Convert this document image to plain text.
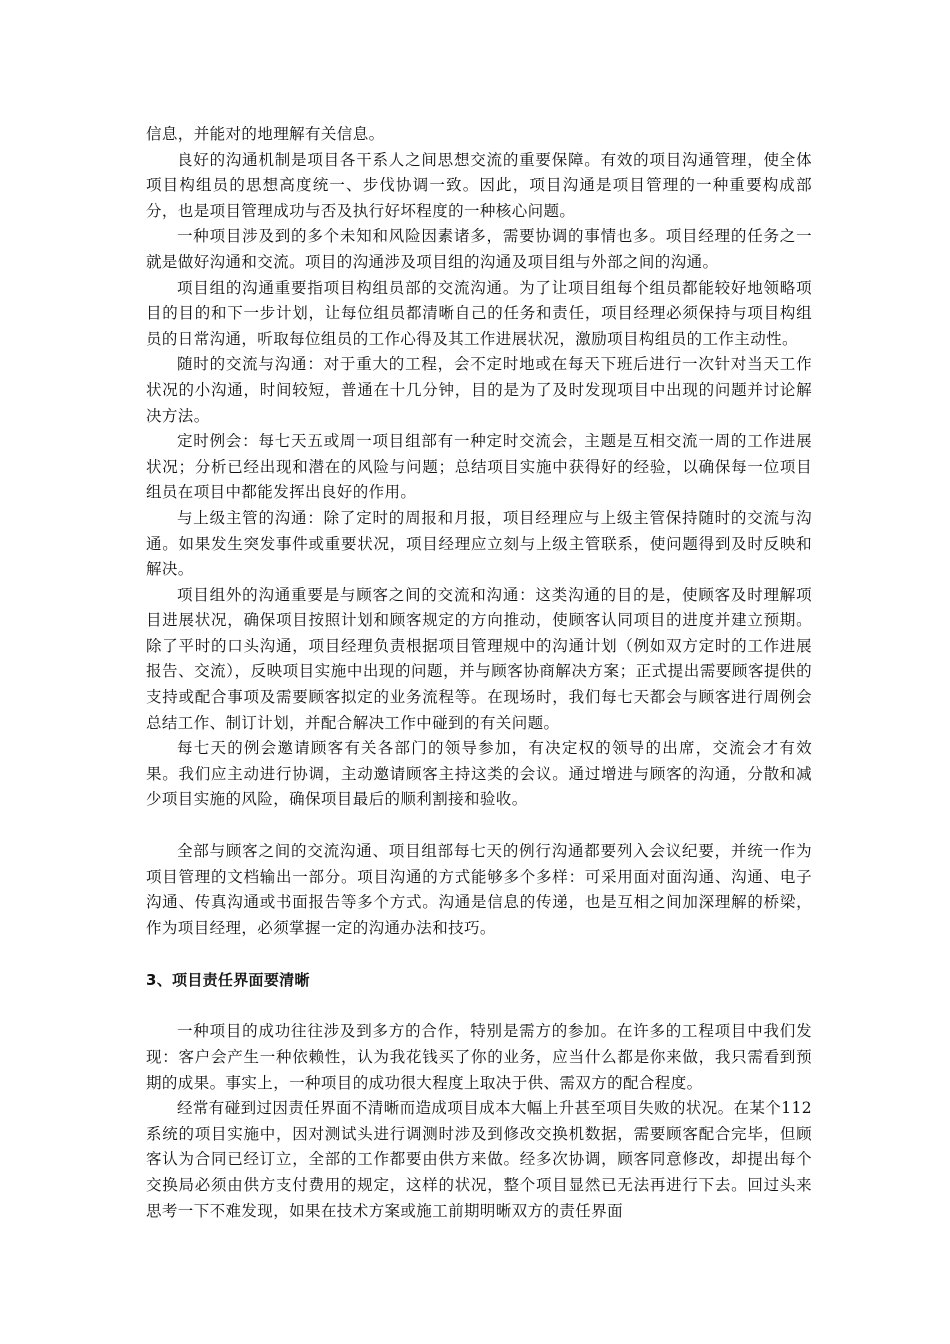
信息，并能对的地理解有关信息。

良好的沟通机制是项目各干系人之间思想交流的重要保障。有效的项目沟通管理，使全体项目构组员的思想高度统一、步伐协调一致。因此，项目沟通是项目管理的一种重要构成部分，也是项目管理成功与否及执行好坏程度的一种核心问题。

一种项目涉及到的多个未知和风险因素诸多，需要协调的事情也多。项目经理的任务之一就是做好沟通和交流。项目的沟通涉及项目组的沟通及项目组与外部之间的沟通。

项目组的沟通重要指项目构组员部的交流沟通。为了让项目组每个组员都能较好地领略项目的目的和下一步计划，让每位组员都清晰自己的任务和责任，项目经理必须保持与项目构组员的日常沟通，听取每位组员的工作心得及其工作进展状况，激励项目构组员的工作主动性。

随时的交流与沟通：对于重大的工程，会不定时地或在每天下班后进行一次针对当天工作状况的小沟通，时间较短，普通在十几分钟，目的是为了及时发现项目中出现的问题并讨论解决方法。

定时例会：每七天五或周一项目组部有一种定时交流会，主题是互相交流一周的工作进展状况；分析已经出现和潜在的风险与问题；总结项目实施中获得好的经验，以确保每一位项目组员在项目中都能发挥出良好的作用。

与上级主管的沟通：除了定时的周报和月报，项目经理应与上级主管保持随时的交流与沟通。如果发生突发事件或重要状况，项目经理应立刻与上级主管联系，使问题得到及时反映和解决。

项目组外的沟通重要是与顾客之间的交流和沟通：这类沟通的目的是，使顾客及时理解项目进展状况，确保项目按照计划和顾客规定的方向推动，使顾客认同项目的进度并建立预期。除了平时的口头沟通，项目经理负责根据项目管理规中的沟通计划（例如双方定时的工作进展报告、交流），反映项目实施中出现的问题，并与顾客协商解决方案；正式提出需要顾客提供的支持或配合事项及需要顾客拟定的业务流程等。在现场时，我们每七天都会与顾客进行周例会总结工作、制订计划，并配合解决工作中碰到的有关问题。

每七天的例会邀请顾客有关各部门的领导参加，有决定权的领导的出席，交流会才有效果。我们应主动进行协调，主动邀请顾客主持这类的会议。通过增进与顾客的沟通，分散和减少项目实施的风险，确保项目最后的顺利割接和验收。

全部与顾客之间的交流沟通、项目组部每七天的例行沟通都要列入会议纪要，并统一作为项目管理的文档输出一部分。项目沟通的方式能够多个多样：可采用面对面沟通、沟通、电子沟通、传真沟通或书面报告等多个方式。沟通是信息的传递，也是互相之间加深理解的桥梁，作为项目经理，必须掌握一定的沟通办法和技巧。

3、项目责任界面要清晰

一种项目的成功往往涉及到多方的合作，特别是需方的参加。在许多的工程项目中我们发现：客户会产生一种依赖性，认为我花钱买了你的业务，应当什么都是你来做，我只需看到预期的成果。事实上，一种项目的成功很大程度上取决于供、需双方的配合程度。

经常有碰到过因责任界面不清晰而造成项目成本大幅上升甚至项目失败的状况。在某个112系统的项目实施中，因对测试头进行调测时涉及到修改交换机数据，需要顾客配合完毕，但顾客认为合同已经订立，全部的工作都要由供方来做。经多次协调，顾客同意修改，却提出每个交换局必须由供方支付费用的规定，这样的状况，整个项目显然已无法再进行下去。回过头来思考一下不难发现，如果在技术方案或施工前期明晰双方的责任界面
